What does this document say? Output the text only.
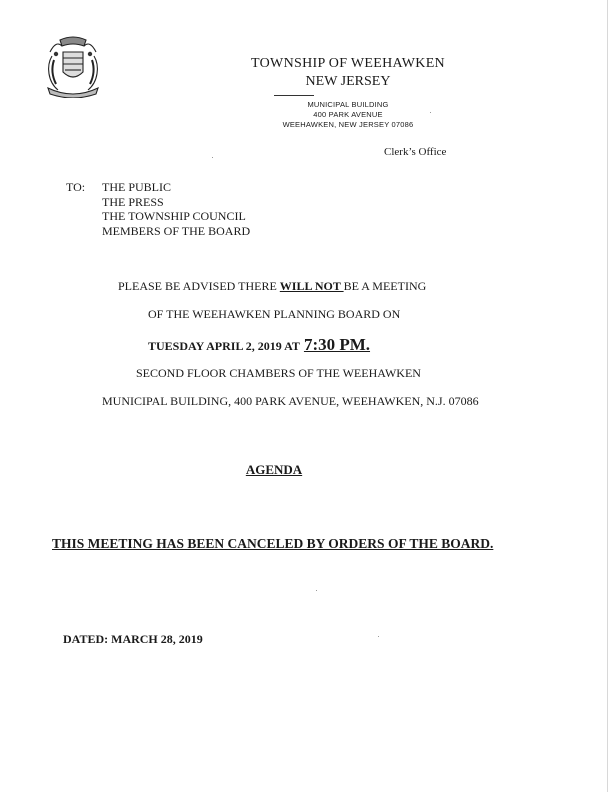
TOWNSHIP OF WEEHAWKEN
NEW JERSEY
MUNICIPAL BUILDING
400 PARK AVENUE
WEEHAWKEN, NEW JERSEY 07086
Clerk’s Office
TO: THE PUBLIC
THE PRESS
THE TOWNSHIP COUNCIL
MEMBERS OF THE BOARD
PLEASE BE ADVISED THERE WILL NOT BE A MEETING
OF THE WEEHAWKEN PLANNING BOARD ON
TUESDAY APRIL 2, 2019 AT 7:30 PM.
SECOND FLOOR CHAMBERS OF THE WEEHAWKEN
MUNICIPAL BUILDING, 400 PARK AVENUE, WEEHAWKEN, N.J. 07086
AGENDA
THIS MEETING HAS BEEN CANCELED BY ORDERS OF THE BOARD.
DATED: MARCH 28, 2019
